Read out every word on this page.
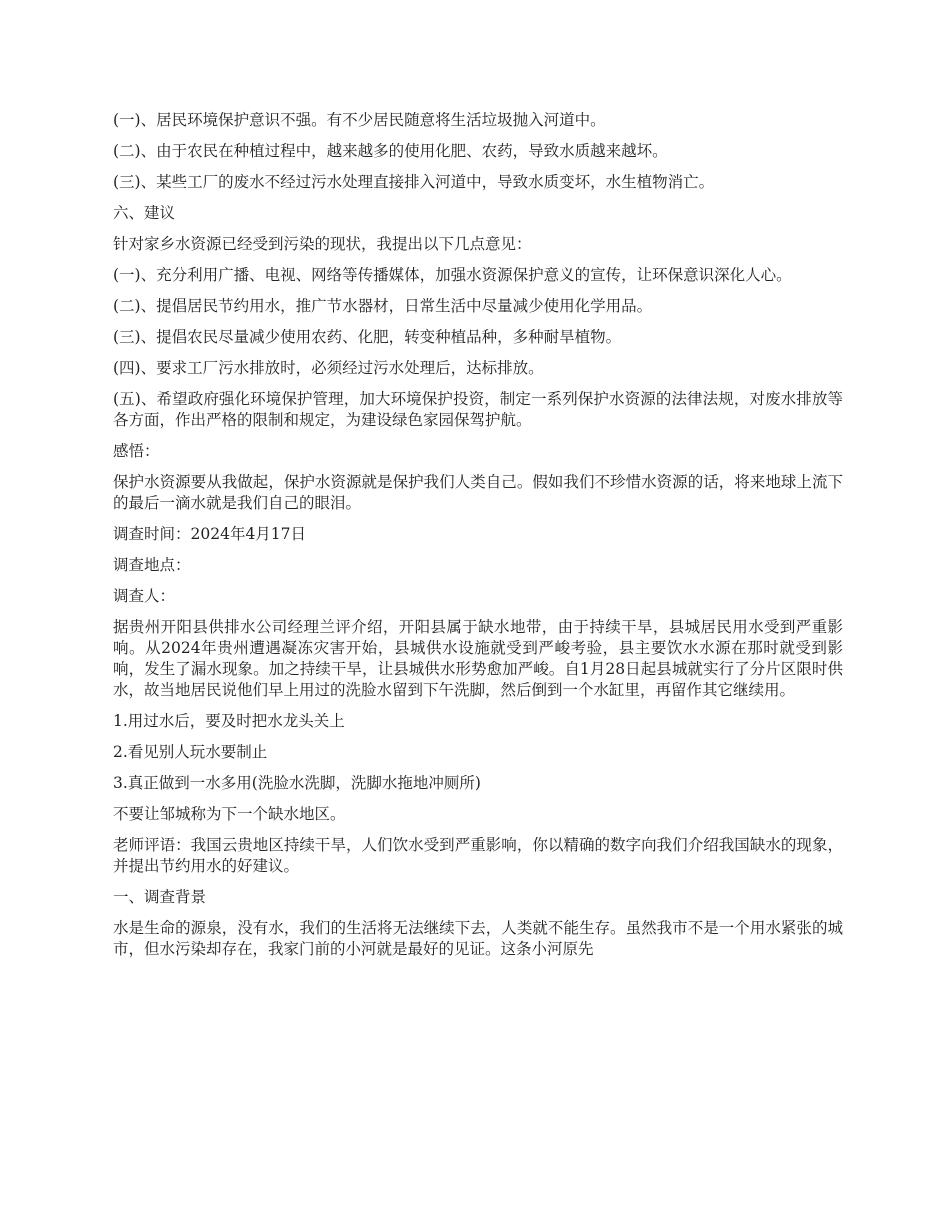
(一)、居民环境保护意识不强。有不少居民随意将生活垃圾抛入河道中。

(二)、由于农民在种植过程中，越来越多的使用化肥、农药，导致水质越来越坏。

(三)、某些工厂的废水不经过污水处理直接排入河道中，导致水质变坏，水生植物消亡。

六、建议

针对家乡水资源已经受到污染的现状，我提出以下几点意见：

(一)、充分利用广播、电视、网络等传播媒体，加强水资源保护意义的宣传，让环保意识深化人心。

(二)、提倡居民节约用水，推广节水器材，日常生活中尽量减少使用化学用品。

(三)、提倡农民尽量减少使用农药、化肥，转变种植品种，多种耐旱植物。

(四)、要求工厂污水排放时，必须经过污水处理后，达标排放。

(五)、希望政府强化环境保护管理，加大环境保护投资，制定一系列保护水资源的法律法规，对废水排放等各方面，作出严格的限制和规定，为建设绿色家园保驾护航。

感悟：

保护水资源要从我做起，保护水资源就是保护我们人类自己。假如我们不珍惜水资源的话，将来地球上流下的最后一滴水就是我们自己的眼泪。

调查时间：2024年4月17日

调查地点：

调查人：

据贵州开阳县供排水公司经理兰评介绍，开阳县属于缺水地带，由于持续干旱，县城居民用水受到严重影响。从2024年贵州遭遇凝冻灾害开始，县城供水设施就受到严峻考验，县主要饮水水源在那时就受到影响，发生了漏水现象。加之持续干旱，让县城供水形势愈加严峻。自1月28日起县城就实行了分片区限时供水，故当地居民说他们早上用过的洗脸水留到下午洗脚，然后倒到一个水缸里，再留作其它继续用。

1.用过水后，要及时把水龙头关上

2.看见别人玩水要制止

3.真正做到一水多用(洗脸水洗脚，洗脚水拖地冲厕所)

不要让邹城称为下一个缺水地区。

老师评语：我国云贵地区持续干旱，人们饮水受到严重影响，你以精确的数字向我们介绍我国缺水的现象，并提出节约用水的好建议。

一、调查背景

水是生命的源泉，没有水，我们的生活将无法继续下去，人类就不能生存。虽然我市不是一个用水紧张的城市，但水污染却存在，我家门前的小河就是最好的见证。这条小河原先
